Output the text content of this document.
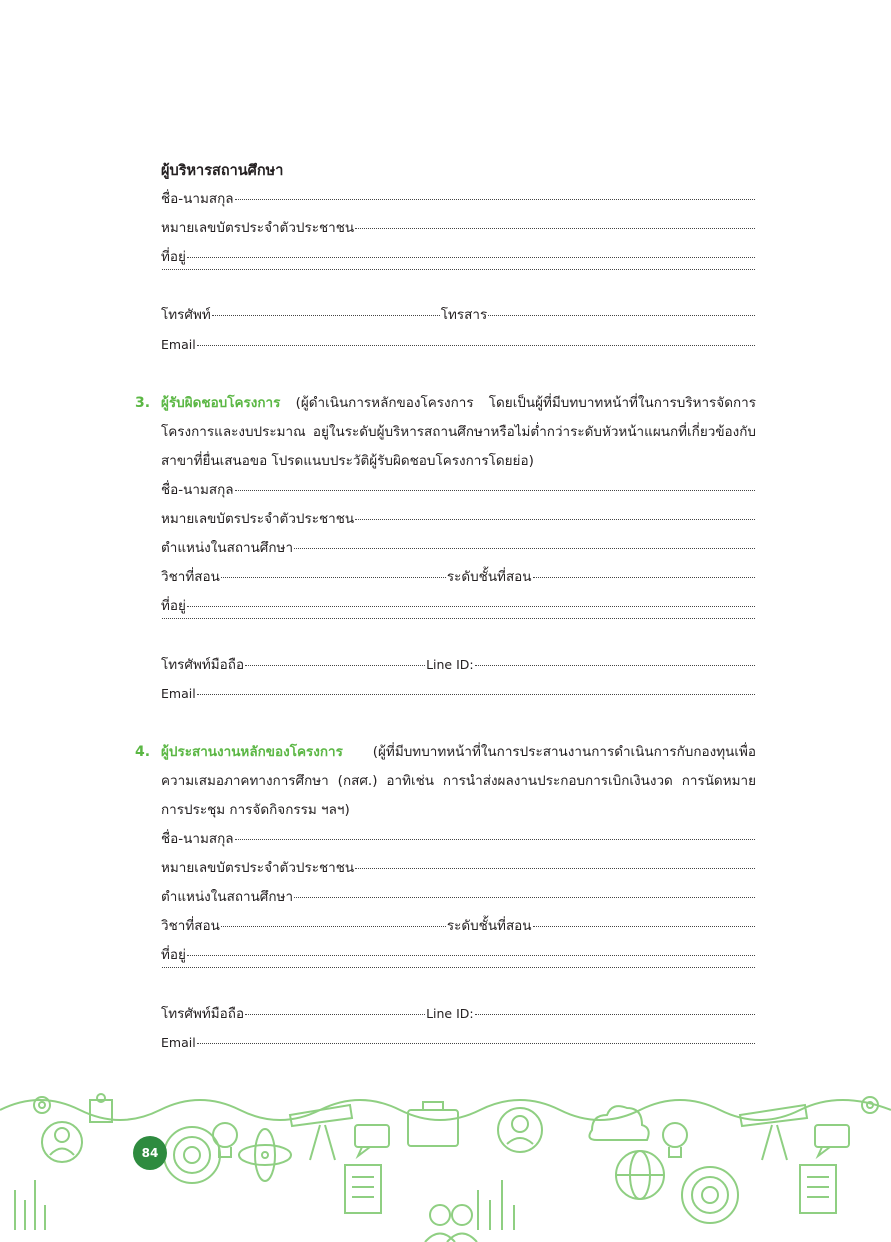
ผู้บริหารสถานศึกษา

ชื่อ-นามสกุล
หมายเลขบัตรประจำตัวประชาชน
ที่อยู่
โทรศัพท์	โทรสาร
Email
3. ผู้รับผิดชอบโครงการ (ผู้ดำเนินการหลักของโครงการ โดยเป็นผู้ที่มีบทบาทหน้าที่ในการบริหารจัดการโครงการและงบประมาณ อยู่ในระดับผู้บริหารสถานศึกษาหรือไม่ต่ำกว่าระดับหัวหน้าแผนกที่เกี่ยวข้องกับสาขาที่ยื่นเสนอขอ โปรดแนบประวัติผู้รับผิดชอบโครงการโดยย่อ)

ชื่อ-นามสกุล
หมายเลขบัตรประจำตัวประชาชน
ตำแหน่งในสถานศึกษา
วิชาที่สอน	ระดับชั้นที่สอน
ที่อยู่
โทรศัพท์มือถือ	Line ID:
Email
4. ผู้ประสานงานหลักของโครงการ (ผู้ที่มีบทบาทหน้าที่ในการประสานงานการดำเนินการกับกองทุนเพื่อความเสมอภาคทางการศึกษา (กสศ.) อาทิเช่น การนำส่งผลงานประกอบการเบิกเงินงวด การนัดหมายการประชุม การจัดกิจกรรม ฯลฯ)

ชื่อ-นามสกุล
หมายเลขบัตรประจำตัวประชาชน
ตำแหน่งในสถานศึกษา
วิชาที่สอน	ระดับชั้นที่สอน
ที่อยู่
โทรศัพท์มือถือ	Line ID:
Email
84
